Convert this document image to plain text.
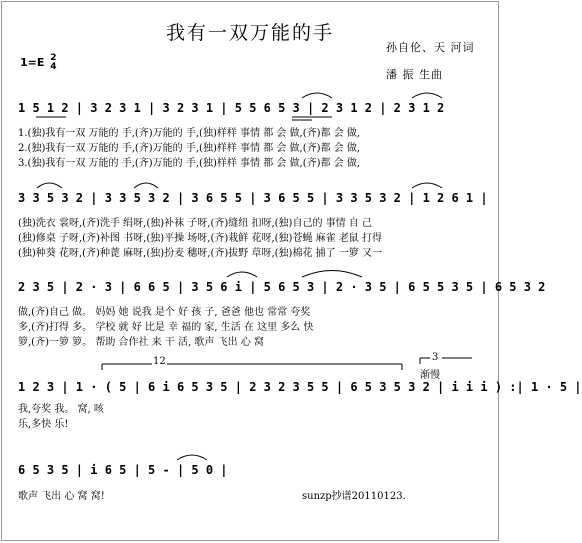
我有一双万能的手
1=E 2
4
孙自伦、天 河词
潘 振 生曲
1 5 1 2 | 3 2 3 1 | 3 2 3 1 | 5 5 6 5 3 | 2 3 1 2 | 2 3 1 2
1.(独)我有一双 万能的 手,(齐)万能的 手,(独)样样 事情 都 会 做,(齐)都 会 做,
2.(独)我有一双 万能的 手,(齐)万能的 手,(独)样样 事情 都 会 做,(齐)都 会 做,
3.(独)我有一双 万能的 手,(齐)万能的 手,(独)样样 事情 都 会 做,(齐)都 会 做,
3 3 5 3 2 | 3 3 5 3 2 | 3 6 5 5 | 3 6 5 5 | 3 3 5 3 2 | 1 2 6 1 |
(独)洗衣 裳呀,(齐)洗手 绢呀,(独)补袜 子呀,(齐)缝纽 扣呀,(独)自己的 事情 自 己
(独)修桌 子呀,(齐)补图 书呀,(独)平操 场呀,(齐)栽鲜 花呀,(独)苍蝇 麻雀 老鼠 打得
(独)种葵 花呀,(齐)种蓖 麻呀,(独)扮麦 穗呀,(齐)拔野 草呀,(独)棉花 捕了 一箩 又一
2 3 5 | 2 · 3 | 6 6 5 | 3 5 6 i | 5 6 5 3 | 2 · 3 5 | 6 5 5 3 5 | 6 5 3 2
做,(齐)自己 做。 妈妈 她 说我 是个 好 孩 子, 爸爸 他也 常常 夸奖
多,(齐)打得 多。 学校 就 好 比是 幸 福的 家, 生活 在 这里 多么 快
箩,(齐)一箩 箩。 帮助 合作社 来 干 活, 歌声 飞出 心 窝
12	3
渐慢
1 2 3 | 1 · ( 5 | 6 i 6 5 3 5 | 2 3 2 3 5 5 | 6 5 3 5 3 2 | i i i ) :| 1 · 5 |
我,夸奖 我。 窝, 咳
乐,多快 乐!
6 5 3 5 | i 6 5 | 5 - | 5 0 |
歌声 飞出 心 窝 窝!	sunzp抄谱20110123.
